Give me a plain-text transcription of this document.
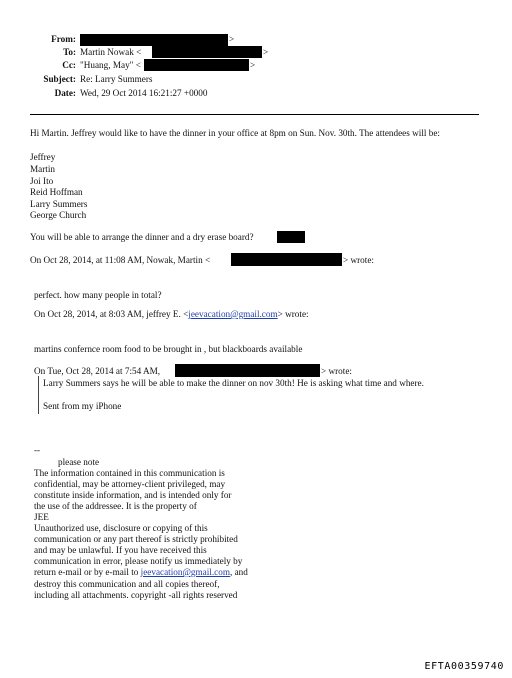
From:	>
To: Martin Nowak <	>
Cc: "Huang, May" <	>
Subject: Re: Larry Summers
Date: Wed, 29 Oct 2014 16:21:27 +0000
Hi Martin. Jeffrey would like to have the dinner in your office at 8pm on Sun. Nov. 30th. The attendees will be:
Jeffrey
Martin
Joi Ito
Reid Hoffman
Larry Summers
George Church
You will be able to arrange the dinner and a dry erase board?
On Oct 28, 2014, at 11:08 AM, Nowak, Martin <	> wrote:
perfect. how many people in total?
On Oct 28, 2014, at 8:03 AM, jeffrey E. <jeevacation@gmail.com> wrote:
martins confernce room food to be brought in , but blackboards available
On Tue, Oct 28, 2014 at 7:54 AM,	> wrote:
Larry Summers says he will be able to make the dinner on nov 30th! He is asking what time and where.
Sent from my iPhone
--
please note
The information contained in this communication is
confidential, may be attorney-client privileged, may
constitute inside information, and is intended only for
the use of the addressee. It is the property of
JEE
Unauthorized use, disclosure or copying of this
communication or any part thereof is strictly prohibited
and may be unlawful. If you have received this
communication in error, please notify us immediately by
return e-mail or by e-mail to jeevacation@gmail.com, and
destroy this communication and all copies thereof,
including all attachments. copyright -all rights reserved
EFTA00359740
